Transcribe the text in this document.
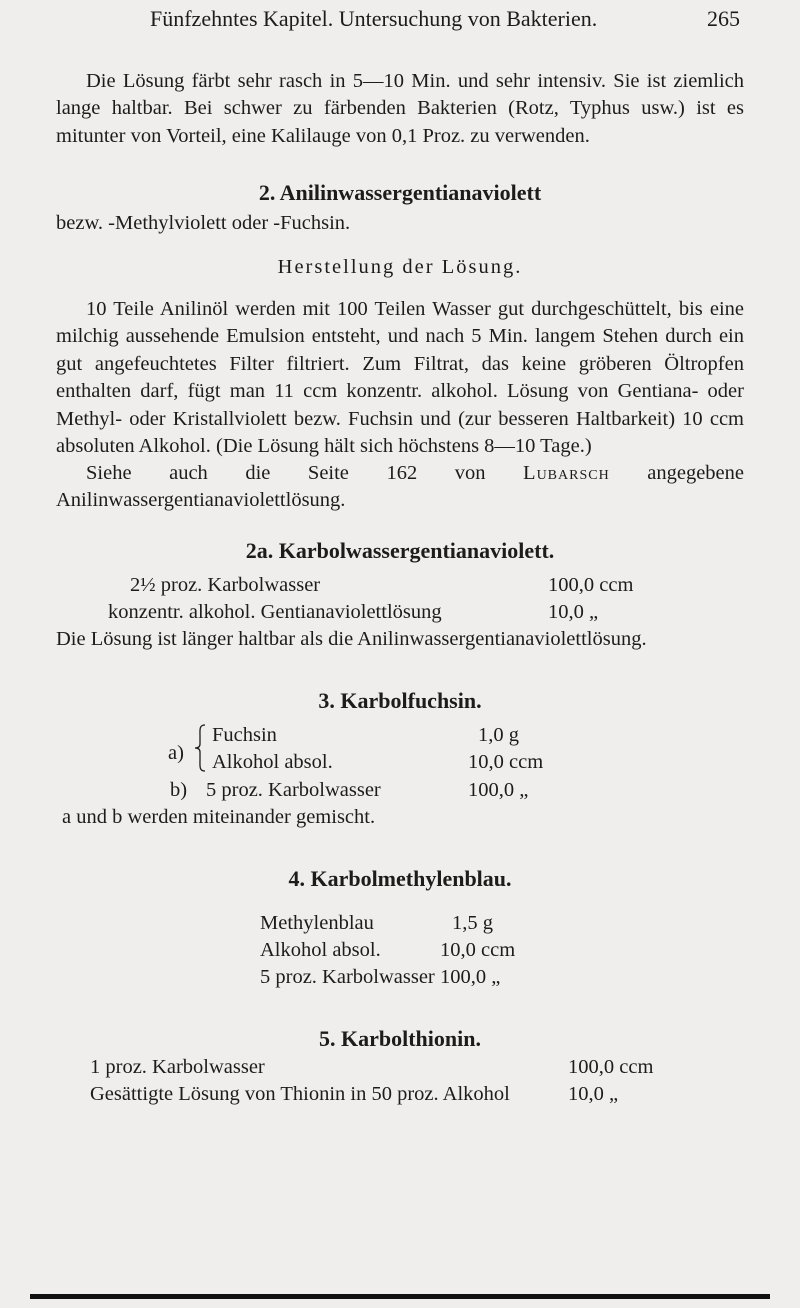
Fünfzehntes Kapitel. Untersuchung von Bakterien.	265

Die Lösung färbt sehr rasch in 5—10 Min. und sehr intensiv. Sie ist ziemlich lange haltbar. Bei schwer zu färbenden Bakterien (Rotz, Typhus usw.) ist es mitunter von Vorteil, eine Kalilauge von 0,1 Proz. zu verwenden.

2. Anilinwassergentianaviolett
bezw. -Methylviolett oder -Fuchsin.
Herstellung der Lösung.

10 Teile Anilinöl werden mit 100 Teilen Wasser gut durchgeschüttelt, bis eine milchig aussehende Emulsion entsteht, und nach 5 Min. langem Stehen durch ein gut angefeuchtetes Filter filtriert. Zum Filtrat, das keine gröberen Öltropfen enthalten darf, fügt man 11 ccm konzentr. alkohol. Lösung von Gentiana- oder Methyl- oder Kristallviolett bezw. Fuchsin und (zur besseren Haltbarkeit) 10 ccm absoluten Alkohol. (Die Lösung hält sich höchstens 8—10 Tage.)

Siehe auch die Seite 162 von Lubarsch angegebene Anilinwassergentianaviolettlösung.

2a. Karbolwassergentianaviolett.
2½ proz. Karbolwasser	100,0 ccm
konzentr. alkohol. Gentianaviolettlösung	10,0 „
Die Lösung ist länger haltbar als die Anilinwassergentianaviolettlösung.
3. Karbolfuchsin.
a)
Fuchsin	1,0 g
Alkohol absol.	10,0 ccm
b) 5 proz. Karbolwasser	100,0 „
a und b werden miteinander gemischt.
4. Karbolmethylenblau.
Methylenblau	1,5 g
Alkohol absol.	10,0 ccm
5 proz. Karbolwasser 100,0 „
5. Karbolthionin.
1 proz. Karbolwasser	100,0 ccm
Gesättigte Lösung von Thionin in 50 proz. Alkohol	10,0 „
